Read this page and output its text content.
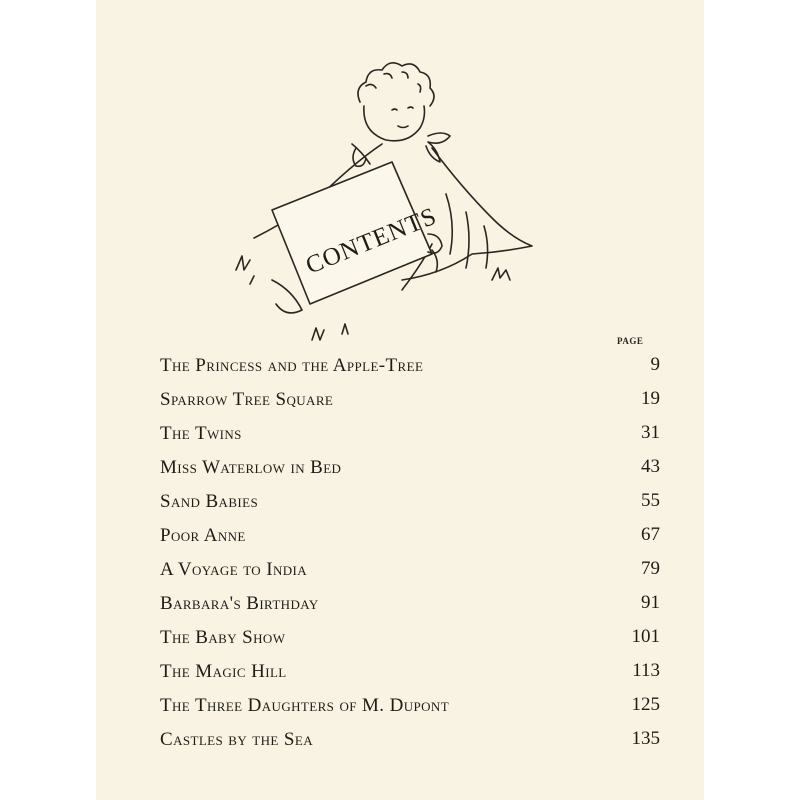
CONTENTS
PAGE
The Princess and the Apple-Tree	9
Sparrow Tree Square	19
The Twins	31
Miss Waterlow in Bed	43
Sand Babies	55
Poor Anne	67
A Voyage to India	79
Barbara's Birthday	91
The Baby Show	101
The Magic Hill	113
The Three Daughters of M. Dupont	125
Castles by the Sea	135
